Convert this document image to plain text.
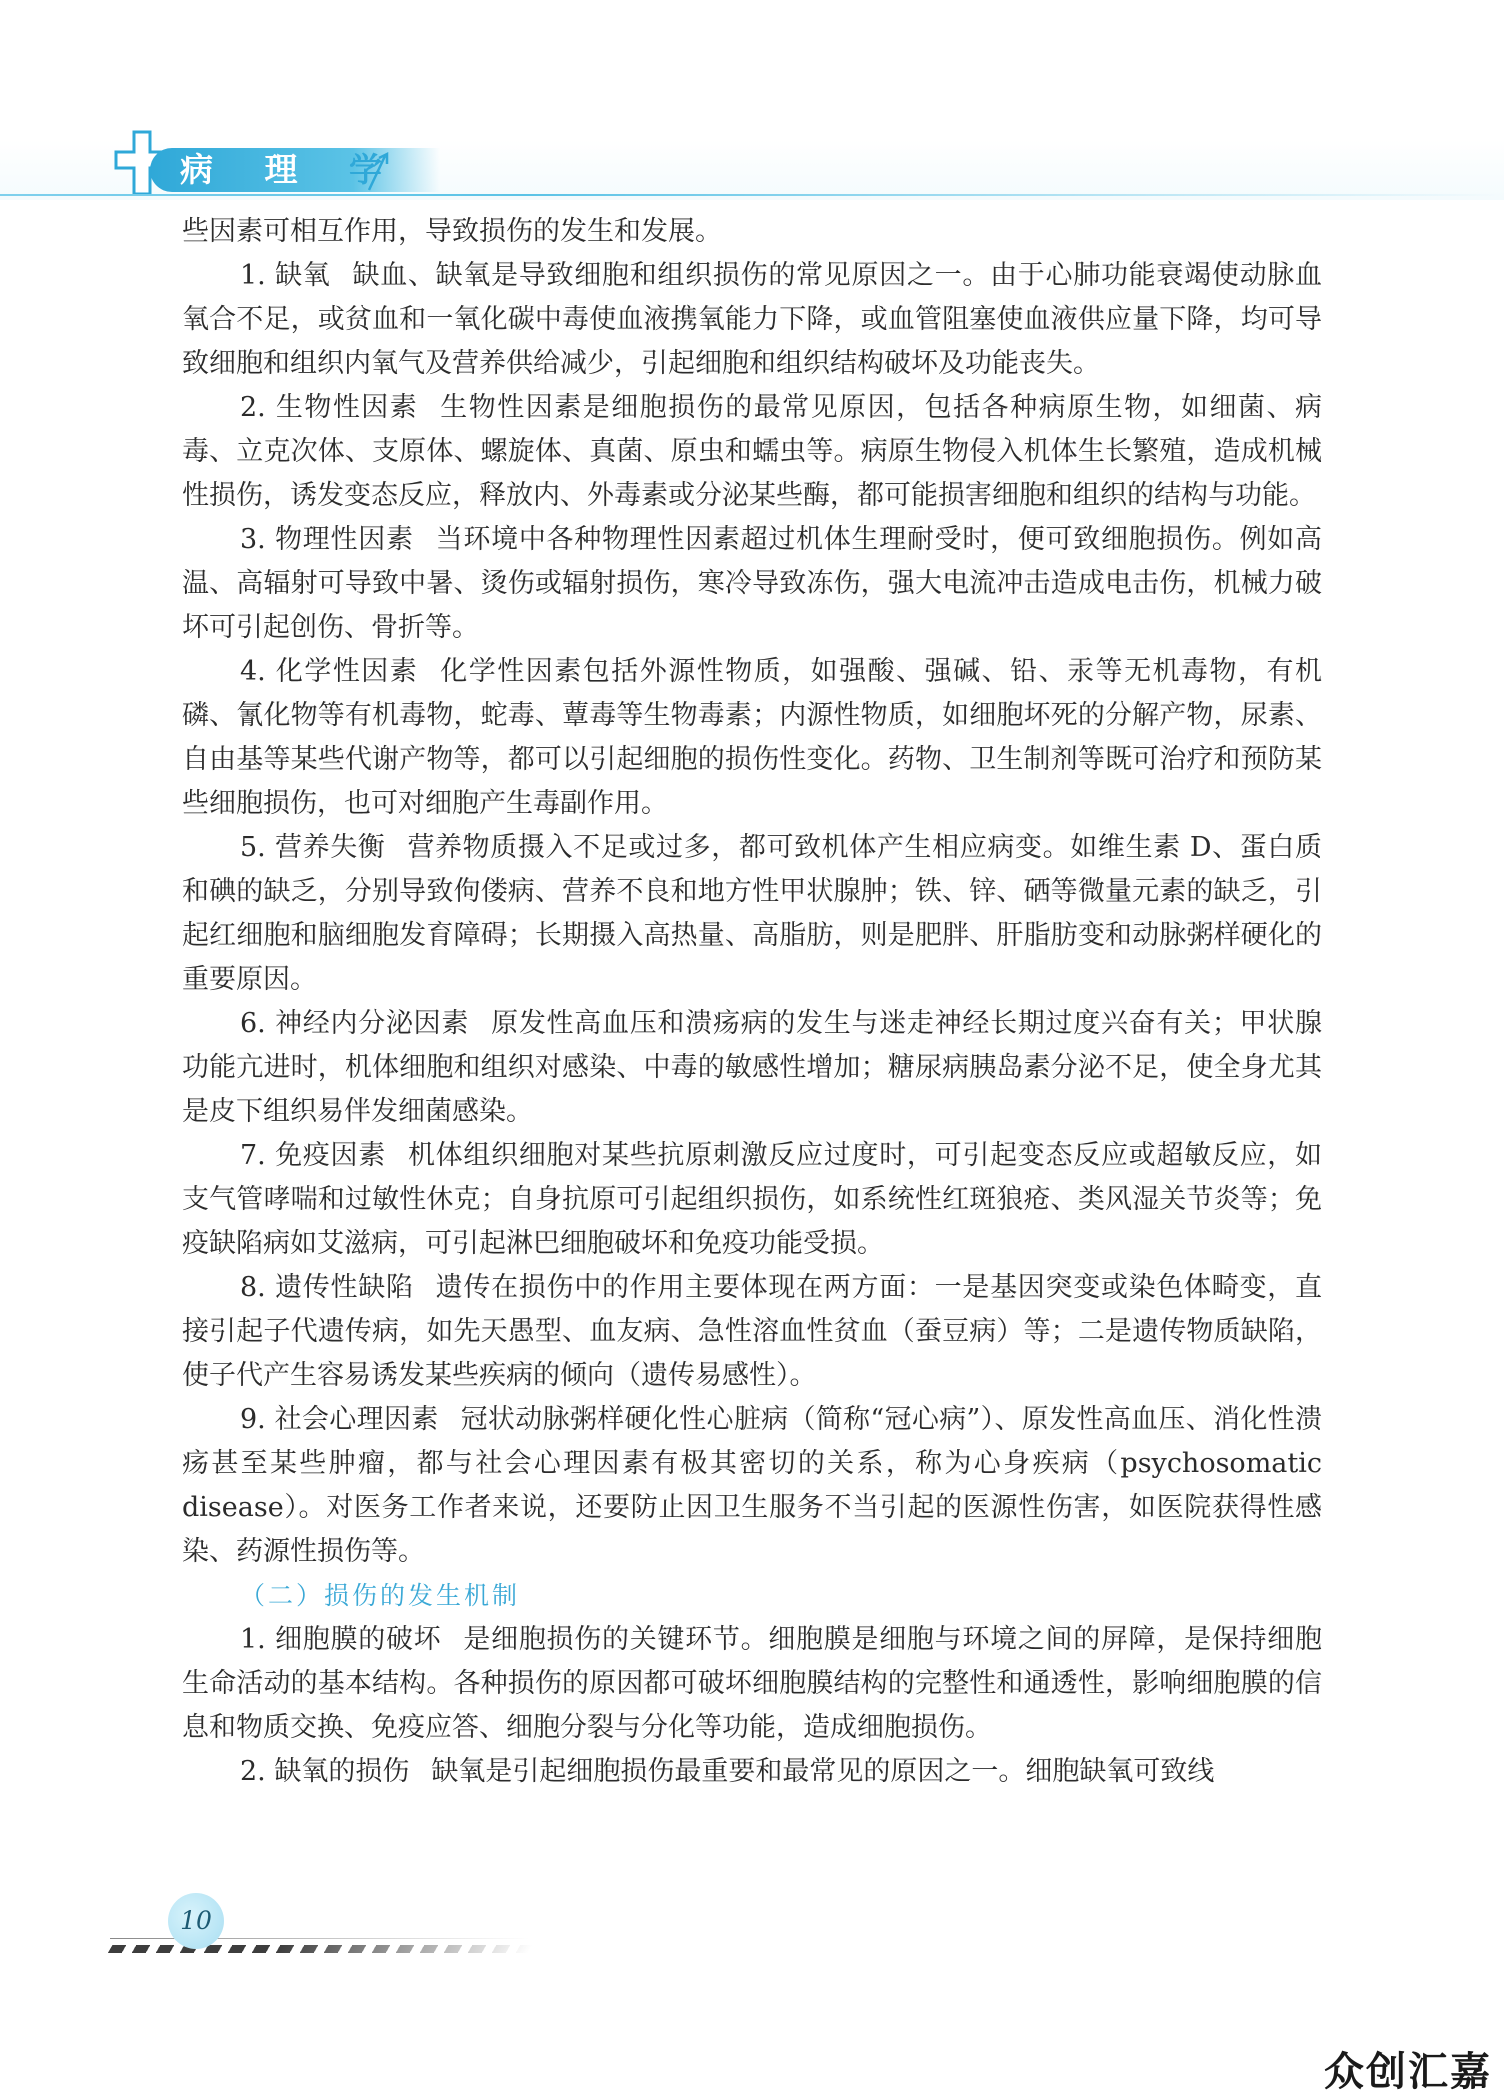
病 理 学

些因素可相互作用，导致损伤的发生和发展。

1. 缺氧 缺血、缺氧是导致细胞和组织损伤的常见原因之一。由于心肺功能衰竭使动脉血氧合不足，或贫血和一氧化碳中毒使血液携氧能力下降，或血管阻塞使血液供应量下降，均可导致细胞和组织内氧气及营养供给减少，引起细胞和组织结构破坏及功能丧失。

2. 生物性因素 生物性因素是细胞损伤的最常见原因，包括各种病原生物，如细菌、病毒、立克次体、支原体、螺旋体、真菌、原虫和蠕虫等。病原生物侵入机体生长繁殖，造成机械性损伤，诱发变态反应，释放内、外毒素或分泌某些酶，都可能损害细胞和组织的结构与功能。

3. 物理性因素 当环境中各种物理性因素超过机体生理耐受时，便可致细胞损伤。例如高温、高辐射可导致中暑、烫伤或辐射损伤，寒冷导致冻伤，强大电流冲击造成电击伤，机械力破坏可引起创伤、骨折等。

4. 化学性因素 化学性因素包括外源性物质，如强酸、强碱、铅、汞等无机毒物，有机磷、氰化物等有机毒物，蛇毒、蕈毒等生物毒素；内源性物质，如细胞坏死的分解产物，尿素、自由基等某些代谢产物等，都可以引起细胞的损伤性变化。药物、卫生制剂等既可治疗和预防某些细胞损伤，也可对细胞产生毒副作用。

5. 营养失衡 营养物质摄入不足或过多，都可致机体产生相应病变。如维生素 D、蛋白质和碘的缺乏，分别导致佝偻病、营养不良和地方性甲状腺肿；铁、锌、硒等微量元素的缺乏，引起红细胞和脑细胞发育障碍；长期摄入高热量、高脂肪，则是肥胖、肝脂肪变和动脉粥样硬化的重要原因。

6. 神经内分泌因素 原发性高血压和溃疡病的发生与迷走神经长期过度兴奋有关；甲状腺功能亢进时，机体细胞和组织对感染、中毒的敏感性增加；糖尿病胰岛素分泌不足，使全身尤其是皮下组织易伴发细菌感染。

7. 免疫因素 机体组织细胞对某些抗原刺激反应过度时，可引起变态反应或超敏反应，如支气管哮喘和过敏性休克；自身抗原可引起组织损伤，如系统性红斑狼疮、类风湿关节炎等；免疫缺陷病如艾滋病，可引起淋巴细胞破坏和免疫功能受损。

8. 遗传性缺陷 遗传在损伤中的作用主要体现在两方面：一是基因突变或染色体畸变，直接引起子代遗传病，如先天愚型、血友病、急性溶血性贫血（蚕豆病）等；二是遗传物质缺陷，使子代产生容易诱发某些疾病的倾向（遗传易感性）。

9. 社会心理因素 冠状动脉粥样硬化性心脏病（简称“冠心病”）、原发性高血压、消化性溃疡甚至某些肿瘤，都与社会心理因素有极其密切的关系，称为心身疾病（psychosomatic disease）。对医务工作者来说，还要防止因卫生服务不当引起的医源性伤害，如医院获得性感染、药源性损伤等。

（二）损伤的发生机制

1. 细胞膜的破坏 是细胞损伤的关键环节。细胞膜是细胞与环境之间的屏障，是保持细胞生命活动的基本结构。各种损伤的原因都可破坏细胞膜结构的完整性和通透性，影响细胞膜的信息和物质交换、免疫应答、细胞分裂与分化等功能，造成细胞损伤。

2. 缺氧的损伤 缺氧是引起细胞损伤最重要和最常见的原因之一。细胞缺氧可致线

10
众创汇嘉
